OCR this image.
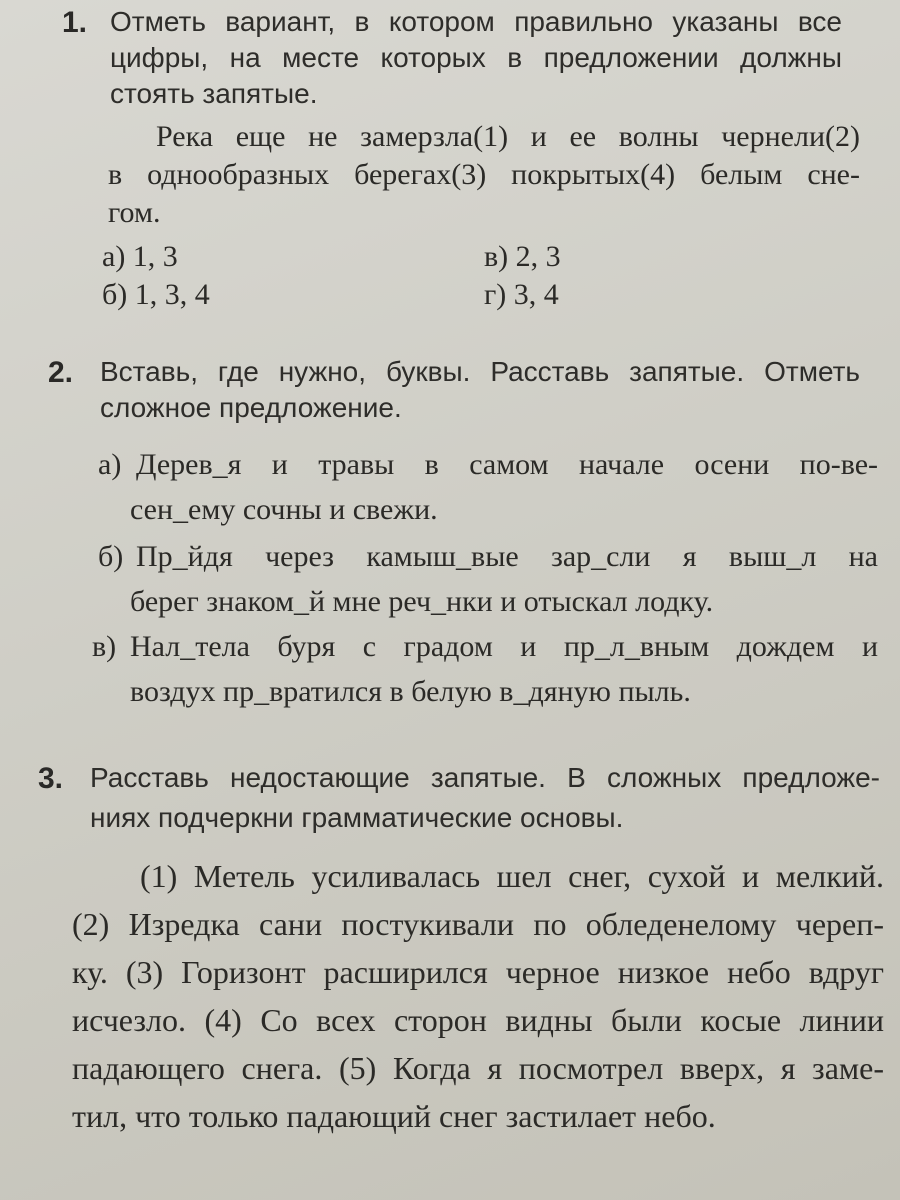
1. Отметь вариант, в котором правильно указаны все цифры, на месте которых в предложении должны стоять запятые.
Река еще не замерзла(1) и ее волны чернели(2)
в однообразных берегах(3) покрытых(4) белым сне-
гом.
а) 1, 3
б) 1, 3, 4
в) 2, 3
г) 3, 4
2. Вставь, где нужно, буквы. Расставь запятые. Отметь сложное предложение.
а) Дерев_я и травы в самом начале осени по-ве-
сен_ему сочны и свежи.
б) Пр_йдя через камыш_вые зар_сли я выш_л на
берег знаком_й мне реч_нки и отыскал лодку.
в) Нал_тела буря с градом и пр_л_вным дождем и
воздух пр_вратился в белую в_дяную пыль.
3. Расставь недостающие запятые. В сложных предложе-
ниях подчеркни грамматические основы.
(1) Метель усиливалась шел снег, сухой и мелкий.
(2) Изредка сани постукивали по обледенелому череп-
ку. (3) Горизонт расширился черное низкое небо вдруг
исчезло. (4) Со всех сторон видны были косые линии
падающего снега. (5) Когда я посмотрел вверх, я заме-
тил, что только падающий снег застилает небо.
